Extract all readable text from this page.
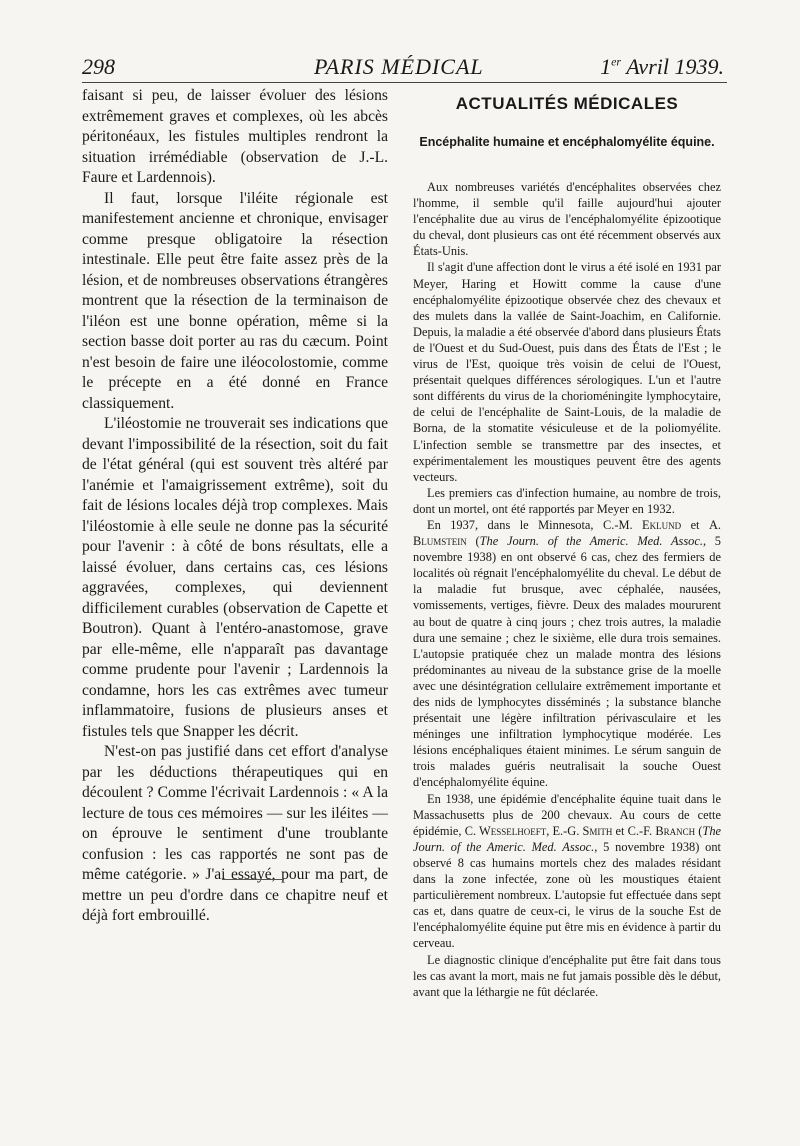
298	PARIS MÉDICAL	1er Avril 1939.

faisant si peu, de laisser évoluer des lésions extrêmement graves et complexes, où les abcès péritonéaux, les fistules multiples rendront la situation irrémédiable (observation de J.-L. Faure et Lardennois).

Il faut, lorsque l'iléite régionale est manifestement ancienne et chronique, envisager comme presque obligatoire la résection intestinale. Elle peut être faite assez près de la lésion, et de nombreuses observations étrangères montrent que la résection de la terminaison de l'iléon est une bonne opération, même si la section basse doit porter au ras du cæcum. Point n'est besoin de faire une iléocolostomie, comme le précepte en a été donné en France classiquement.

L'iléostomie ne trouverait ses indications que devant l'impossibilité de la résection, soit du fait de l'état général (qui est souvent très altéré par l'anémie et l'amaigrissement extrême), soit du fait de lésions locales déjà trop complexes. Mais l'iléostomie à elle seule ne donne pas la sécurité pour l'avenir : à côté de bons résultats, elle a laissé évoluer, dans certains cas, ces lésions aggravées, complexes, qui deviennent difficilement curables (observation de Capette et Boutron). Quant à l'entéro-anastomose, grave par elle-même, elle n'apparaît pas davantage comme prudente pour l'avenir ; Lardennois la condamne, hors les cas extrêmes avec tumeur inflammatoire, fusions de plusieurs anses et fistules tels que Snapper les décrit.

N'est-on pas justifié dans cet effort d'analyse par les déductions thérapeutiques qui en découlent ? Comme l'écrivait Lardennois : « A la lecture de tous ces mémoires — sur les iléites — on éprouve le sentiment d'une troublante confusion : les cas rapportés ne sont pas de même catégorie. » J'ai essayé, pour ma part, de mettre un peu d'ordre dans ce chapitre neuf et déjà fort embrouillé.

ACTUALITÉS MÉDICALES
Encéphalite humaine et encéphalomyélite équine.

Aux nombreuses variétés d'encéphalites observées chez l'homme, il semble qu'il faille aujourd'hui ajouter l'encéphalite due au virus de l'encéphalomyélite épizootique du cheval, dont plusieurs cas ont été récemment observés aux États-Unis.

Il s'agit d'une affection dont le virus a été isolé en 1931 par Meyer, Haring et Howitt comme la cause d'une encéphalomyélite épizootique observée chez des chevaux et des mulets dans la vallée de Saint-Joachim, en Californie. Depuis, la maladie a été observée d'abord dans plusieurs États de l'Ouest et du Sud-Ouest, puis dans des États de l'Est ; le virus de l'Est, quoique très voisin de celui de l'Ouest, présentait quelques différences sérologiques. L'un et l'autre sont différents du virus de la chorioméningite lymphocytaire, de celui de l'encéphalite de Saint-Louis, de la maladie de Borna, de la stomatite vésiculeuse et de la poliomyélite. L'infection semble se transmettre par des insectes, et expérimentalement les moustiques peuvent être des agents vecteurs.

Les premiers cas d'infection humaine, au nombre de trois, dont un mortel, ont été rapportés par Meyer en 1932.

En 1937, dans le Minnesota, C.-M. Eklund et A. Blumstein (The Journ. of the Americ. Med. Assoc., 5 novembre 1938) en ont observé 6 cas, chez des fermiers de localités où régnait l'encéphalomyélite du cheval. Le début de la maladie fut brusque, avec céphalée, nausées, vomissements, vertiges, fièvre. Deux des malades moururent au bout de quatre à cinq jours ; chez trois autres, la maladie dura une semaine ; chez le sixième, elle dura trois semaines. L'autopsie pratiquée chez un malade montra des lésions prédominantes au niveau de la substance grise de la moelle avec une désintégration cellulaire extrêmement importante et des nids de lymphocytes disséminés ; la substance blanche présentait une légère infiltration périvasculaire et les méninges une infiltration lymphocytique modérée. Les lésions encéphaliques étaient minimes. Le sérum sanguin de trois malades guéris neutralisait la souche Ouest d'encéphalomyélite équine.

En 1938, une épidémie d'encéphalite équine tuait dans le Massachusetts plus de 200 chevaux. Au cours de cette épidémie, C. Wesselhoeft, E.-G. Smith et C.-F. Branch (The Journ. of the Americ. Med. Assoc., 5 novembre 1938) ont observé 8 cas humains mortels chez des malades résidant dans la zone infectée, zone où les moustiques étaient particulièrement nombreux. L'autopsie fut effectuée dans sept cas et, dans quatre de ceux-ci, le virus de la souche Est de l'encéphalomyélite équine put être mis en évidence à partir du cerveau.

Le diagnostic clinique d'encéphalite put être fait dans tous les cas avant la mort, mais ne fut jamais possible dès le début, avant que la léthargie ne fût déclarée.
